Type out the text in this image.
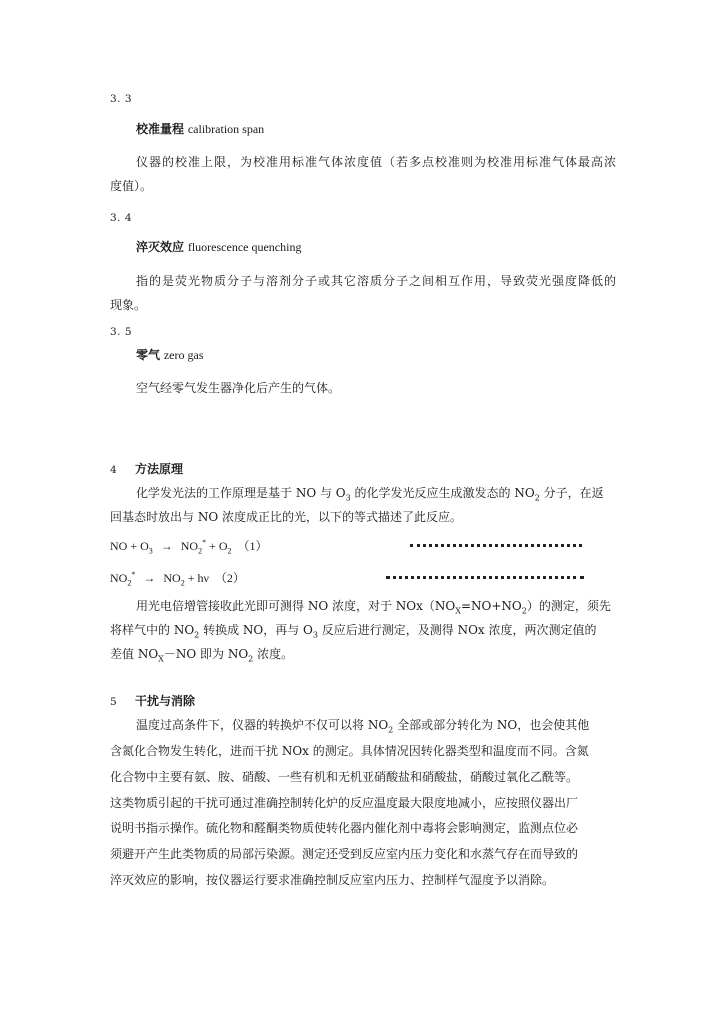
3. 3
校准量程 calibration span
仪器的校准上限，为校准用标准气体浓度值（若多点校准则为校准用标准气体最高浓
度值）。
3. 4
淬灭效应 fluorescence quenching
指的是荧光物质分子与溶剂分子或其它溶质分子之间相互作用，导致荧光强度降低的
现象。
3. 5
零气 zero gas
空气经零气发生器净化后产生的气体。
4 方法原理
化学发光法的工作原理是基于 NO 与 $O_3$ 的化学发光反应生成激发态的 $NO_2$ 分子，在返
回基态时放出与 NO 浓度成正比的光，以下的等式描述了此反应。
NO + $O_3 \to NO_2^* + O_2$ （1）
$NO_2^* \to NO_2 + h\nu$ （2）
用光电倍增管接收此光即可测得 NO 浓度，对于 $NOx(NO_X=NO+NO_2)$的测定，须先
将样气中的 $NO_2$ 转换成 NO，再与 $O_3$ 反应后进行测定，及测得 NOx 浓度，两次测定值的
差值 $NO_X-NO$ 即为 $NO_2$ 浓度。
5 干扰与消除
温度过高条件下，仪器的转换炉不仅可以将 $NO_2$ 全部或部分转化为 NO，也会使其他
含氮化合物发生转化，进而干扰 NOx 的测定。具体情况因转化器类型和温度而不同。含氮
化合物中主要有氨、胺、硝酸、一些有机和无机亚硝酸盐和硝酸盐，硝酸过氧化乙酰等。
这类物质引起的干扰可通过准确控制转化炉的反应温度最大限度地减小，应按照仪器出厂
说明书指示操作。硫化物和醛酮类物质使转化器内催化剂中毒将会影响测定，监测点位必
须避开产生此类物质的局部污染源。测定还受到反应室内压力变化和水蒸气存在而导致的
淬灭效应的影响，按仪器运行要求准确控制反应室内压力、控制样气湿度予以消除。
